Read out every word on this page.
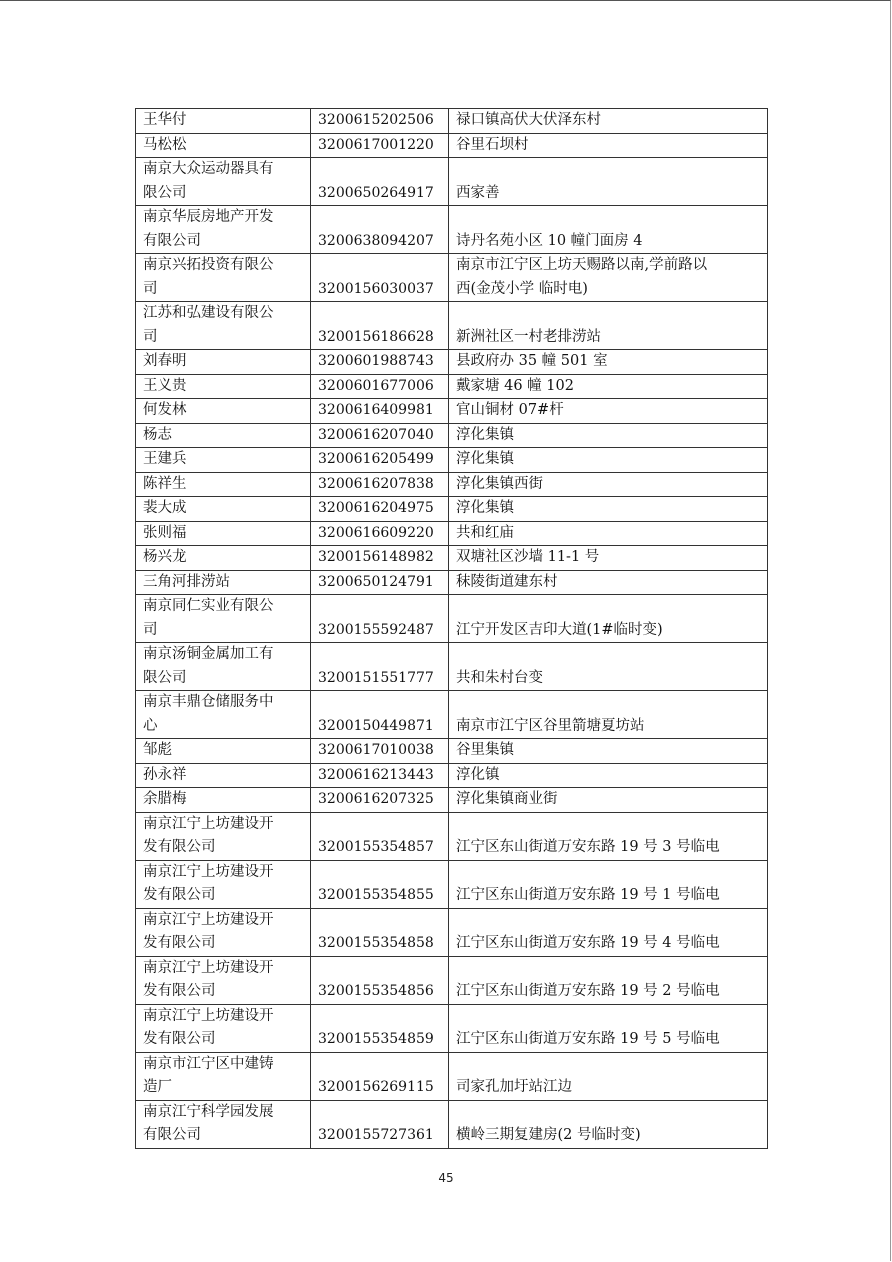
王华付	3200615202506	禄口镇高伏大伏泽东村

马松松	3200617001220	谷里石坝村

南京大众运动器具有
限公司	3200650264917	西家善

南京华辰房地产开发
有限公司	3200638094207	诗丹名苑小区 10 幢门面房 4

南京兴拓投资有限公
司	3200156030037	南京市江宁区上坊天赐路以南,学前路以
西(金茂小学 临时电)

江苏和弘建设有限公
司	3200156186628	新洲社区一村老排涝站

刘春明	3200601988743	县政府办 35 幢 501 室

王义贵	3200601677006	戴家塘 46 幢 102

何发林	3200616409981	官山铜材 07#杆

杨志	3200616207040	淳化集镇

王建兵	3200616205499	淳化集镇

陈祥生	3200616207838	淳化集镇西街

裴大成	3200616204975	淳化集镇

张则福	3200616609220	共和红庙

杨兴龙	3200156148982	双塘社区沙墙 11-1 号

三角河排涝站	3200650124791	秣陵街道建东村

南京同仁实业有限公
司	3200155592487	江宁开发区吉印大道(1#临时变)

南京汤铜金属加工有
限公司	3200151551777	共和朱村台变

南京丰鼎仓储服务中
心	3200150449871	南京市江宁区谷里箭塘夏坊站

邹彪	3200617010038	谷里集镇

孙永祥	3200616213443	淳化镇

余腊梅	3200616207325	淳化集镇商业街

南京江宁上坊建设开
发有限公司	3200155354857	江宁区东山街道万安东路 19 号 3 号临电

南京江宁上坊建设开
发有限公司	3200155354855	江宁区东山街道万安东路 19 号 1 号临电

南京江宁上坊建设开
发有限公司	3200155354858	江宁区东山街道万安东路 19 号 4 号临电

南京江宁上坊建设开
发有限公司	3200155354856	江宁区东山街道万安东路 19 号 2 号临电

南京江宁上坊建设开
发有限公司	3200155354859	江宁区东山街道万安东路 19 号 5 号临电

南京市江宁区中建铸
造厂	3200156269115	司家孔加圩站江边

南京江宁科学园发展
有限公司	3200155727361	横岭三期复建房(2 号临时变)
45
